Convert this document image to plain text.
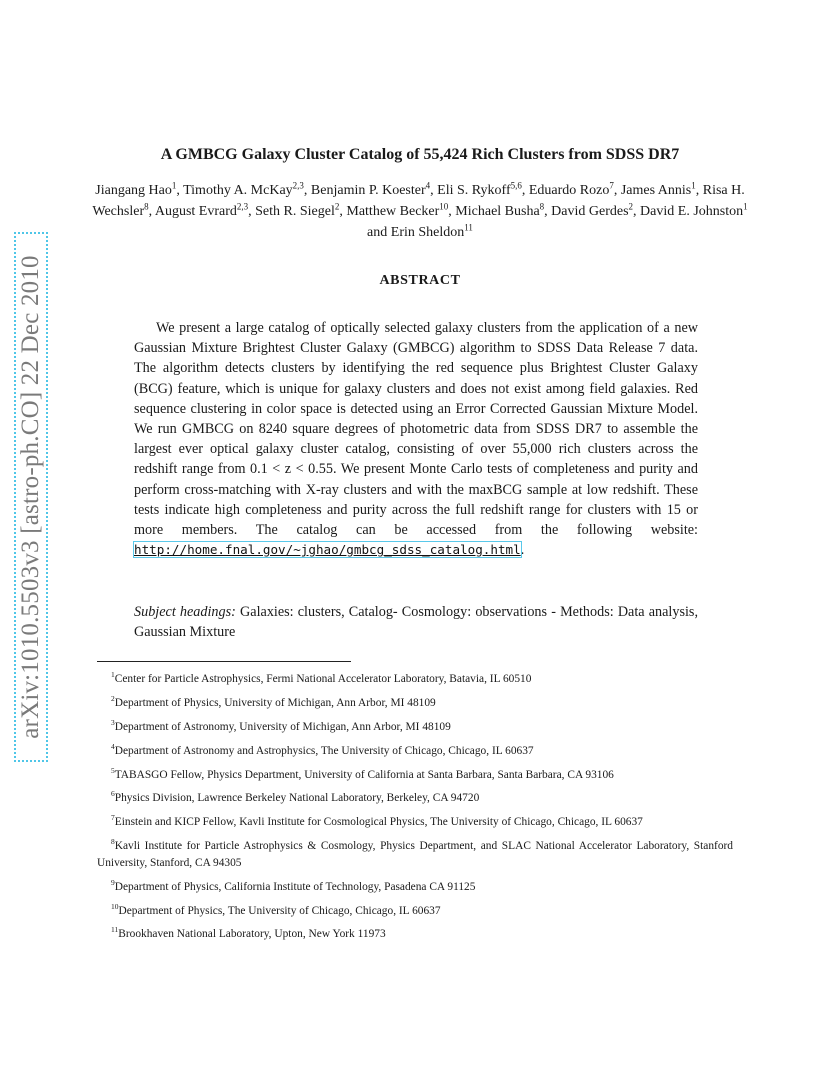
arXiv:1010.5503v3 [astro-ph.CO] 22 Dec 2010
A GMBCG Galaxy Cluster Catalog of 55,424 Rich Clusters from SDSS DR7

Jiangang Hao$^1$, Timothy A. McKay$^{2,3}$, Benjamin P. Koester$^4$, Eli S. Rykoff$^{5,6}$, Eduardo Rozo$^7$, James Annis$^1$, Risa H. Wechsler$^8$, August Evrard$^{2,3}$, Seth R. Siegel$^2$, Matthew Becker$^{10}$, Michael Busha$^8$, David Gerdes$^2$, David E. Johnston$^1$ and Erin Sheldon$^{11}$

ABSTRACT

We present a large catalog of optically selected galaxy clusters from the application of a new Gaussian Mixture Brightest Cluster Galaxy (GMBCG) algorithm to SDSS Data Release 7 data. The algorithm detects clusters by identifying the red sequence plus Brightest Cluster Galaxy (BCG) feature, which is unique for galaxy clusters and does not exist among field galaxies. Red sequence clustering in color space is detected using an Error Corrected Gaussian Mixture Model. We run GMBCG on 8240 square degrees of photometric data from SDSS DR7 to assemble the largest ever optical galaxy cluster catalog, consisting of over 55,000 rich clusters across the redshift range from 0.1 < z < 0.55. We present Monte Carlo tests of completeness and purity and perform cross-matching with X-ray clusters and with the maxBCG sample at low redshift. These tests indicate high completeness and purity across the full redshift range for clusters with 15 or more members. The catalog can be accessed from the following website: http://home.fnal.gov/~jghao/gmbcg_sdss_catalog.html.

Subject headings: Galaxies: clusters, Catalog- Cosmology: observations - Methods: Data analysis, Gaussian Mixture

$^1$Center for Particle Astrophysics, Fermi National Accelerator Laboratory, Batavia, IL 60510
$^2$Department of Physics, University of Michigan, Ann Arbor, MI 48109
$^3$Department of Astronomy, University of Michigan, Ann Arbor, MI 48109
$^4$Department of Astronomy and Astrophysics, The University of Chicago, Chicago, IL 60637
$^5$TABASGO Fellow, Physics Department, University of California at Santa Barbara, Santa Barbara, CA 93106
$^6$Physics Division, Lawrence Berkeley National Laboratory, Berkeley, CA 94720
$^7$Einstein and KICP Fellow, Kavli Institute for Cosmological Physics, The University of Chicago, Chicago, IL 60637
$^8$Kavli Institute for Particle Astrophysics & Cosmology, Physics Department, and SLAC National Accelerator Laboratory, Stanford University, Stanford, CA 94305
$^9$Department of Physics, California Institute of Technology, Pasadena CA 91125
$^{10}$Department of Physics, The University of Chicago, Chicago, IL 60637
$^{11}$Brookhaven National Laboratory, Upton, New York 11973
